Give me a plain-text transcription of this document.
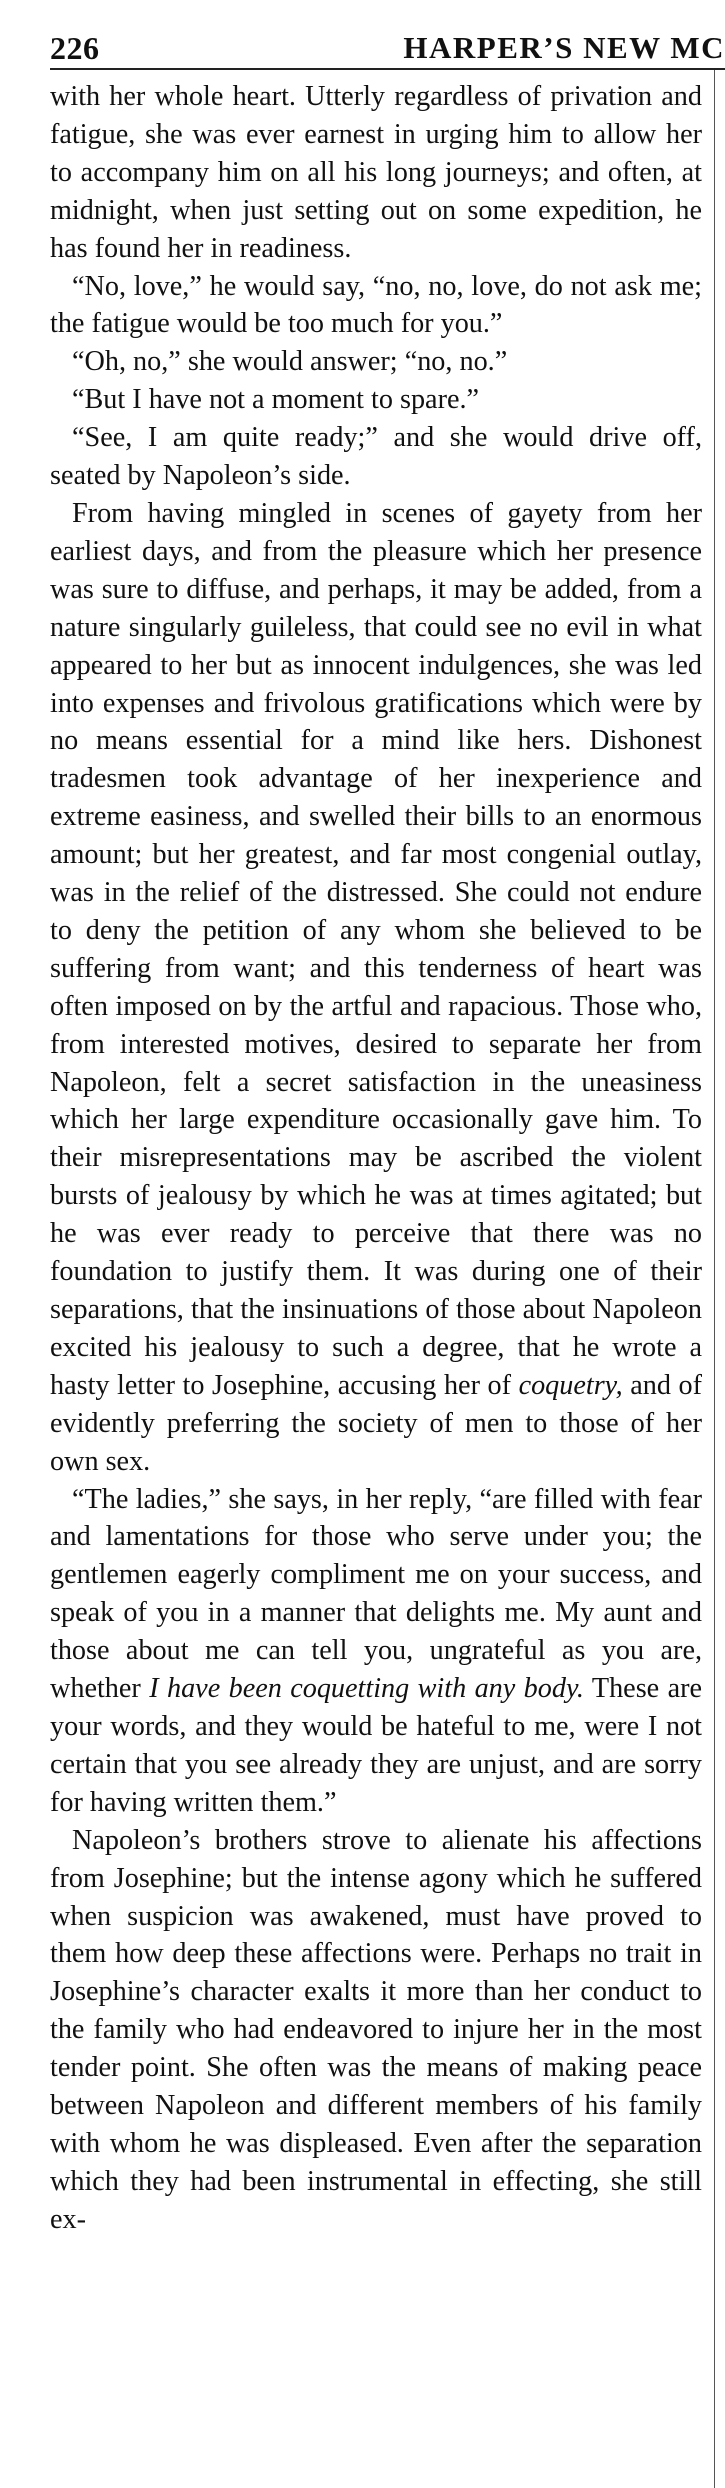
226	HARPER’S NEW MC

with her whole heart. Utterly regardless of privation and fatigue, she was ever earnest in urging him to allow her to accompany him on all his long journeys; and often, at midnight, when just setting out on some expedition, he has found her in readiness.

“No, love,” he would say, “no, no, love, do not ask me; the fatigue would be too much for you.”

“Oh, no,” she would answer; “no, no.”

“But I have not a moment to spare.”

“See, I am quite ready;” and she would drive off, seated by Napoleon’s side.

From having mingled in scenes of gayety from her earliest days, and from the pleasure which her presence was sure to diffuse, and perhaps, it may be added, from a nature singularly guileless, that could see no evil in what appeared to her but as innocent indulgences, she was led into expenses and frivolous gratifications which were by no means essential for a mind like hers. Dishonest tradesmen took advantage of her inexperience and extreme easiness, and swelled their bills to an enormous amount; but her greatest, and far most congenial outlay, was in the relief of the distressed. She could not endure to deny the petition of any whom she believed to be suffering from want; and this tenderness of heart was often imposed on by the artful and rapacious. Those who, from interested motives, desired to separate her from Napoleon, felt a secret satisfaction in the uneasiness which her large expenditure occasionally gave him. To their misrepresentations may be ascribed the violent bursts of jealousy by which he was at times agitated; but he was ever ready to perceive that there was no foundation to justify them. It was during one of their separations, that the insinuations of those about Napoleon excited his jealousy to such a degree, that he wrote a hasty letter to Josephine, accusing her of coquetry, and of evidently preferring the society of men to those of her own sex.

“The ladies,” she says, in her reply, “are filled with fear and lamentations for those who serve under you; the gentlemen eagerly compliment me on your success, and speak of you in a manner that delights me. My aunt and those about me can tell you, ungrateful as you are, whether I have been coquetting with any body. These are your words, and they would be hateful to me, were I not certain that you see already they are unjust, and are sorry for having written them.”

Napoleon’s brothers strove to alienate his affections from Josephine; but the intense agony which he suffered when suspicion was awakened, must have proved to them how deep these affections were. Perhaps no trait in Josephine’s character exalts it more than her conduct to the family who had endeavored to injure her in the most tender point. She often was the means of making peace between Napoleon and different members of his family with whom he was displeased. Even after the separation which they had been instrumental in effecting, she still ex-
